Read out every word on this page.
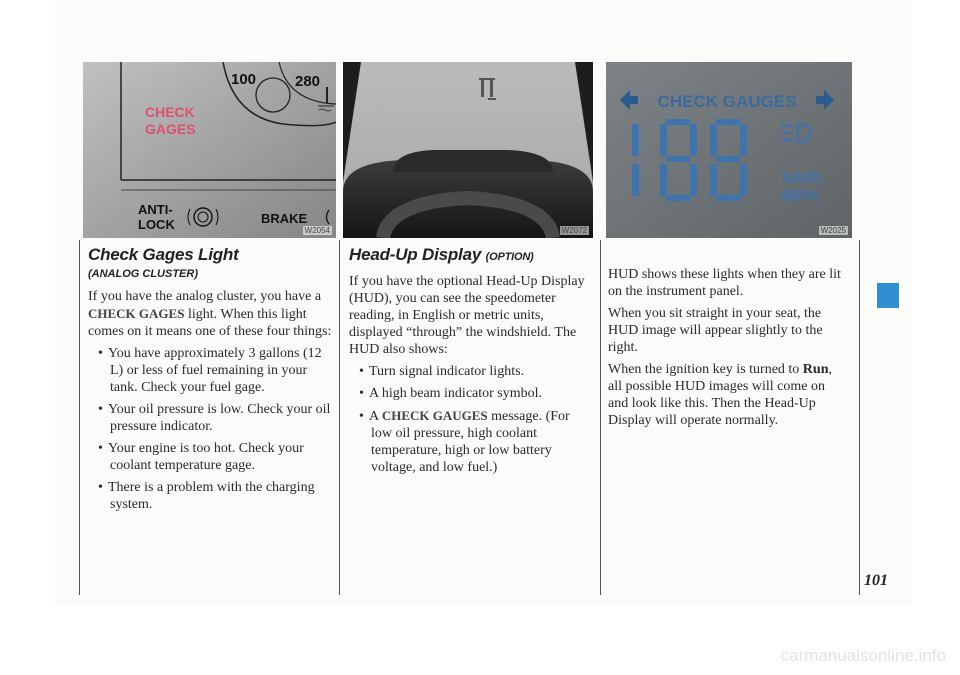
100	280
CHECK
GAGES
ANTI-
LOCK	BRAKE
W2054	W2072
CHECK GAUGES
km/h
MPH
W2025
Check Gages Light
(ANALOG CLUSTER)

If you have the analog cluster, you have a CHECK GAGES light. When this light comes on it means one of these four things:

• You have approximately 3 gallons (12 L) or less of fuel remaining in your tank. Check your fuel gage.
• Your oil pressure is low. Check your oil pressure indicator.
• Your engine is too hot. Check your coolant temperature gage.
• There is a problem with the charging system.
Head-Up Display (OPTION)

If you have the optional Head-Up Display (HUD), you can see the speedometer reading, in English or metric units, displayed “through” the windshield. The HUD also shows:

• Turn signal indicator lights.
• A high beam indicator symbol.
• A CHECK GAUGES message. (For low oil pressure, high coolant temperature, high or low battery voltage, and low fuel.)

HUD shows these lights when they are lit on the instrument panel.

When you sit straight in your seat, the HUD image will appear slightly to the right.

When the ignition key is turned to Run, all possible HUD images will come on and look like this. Then the Head-Up Display will operate normally.

101
carmanualsonline.info
